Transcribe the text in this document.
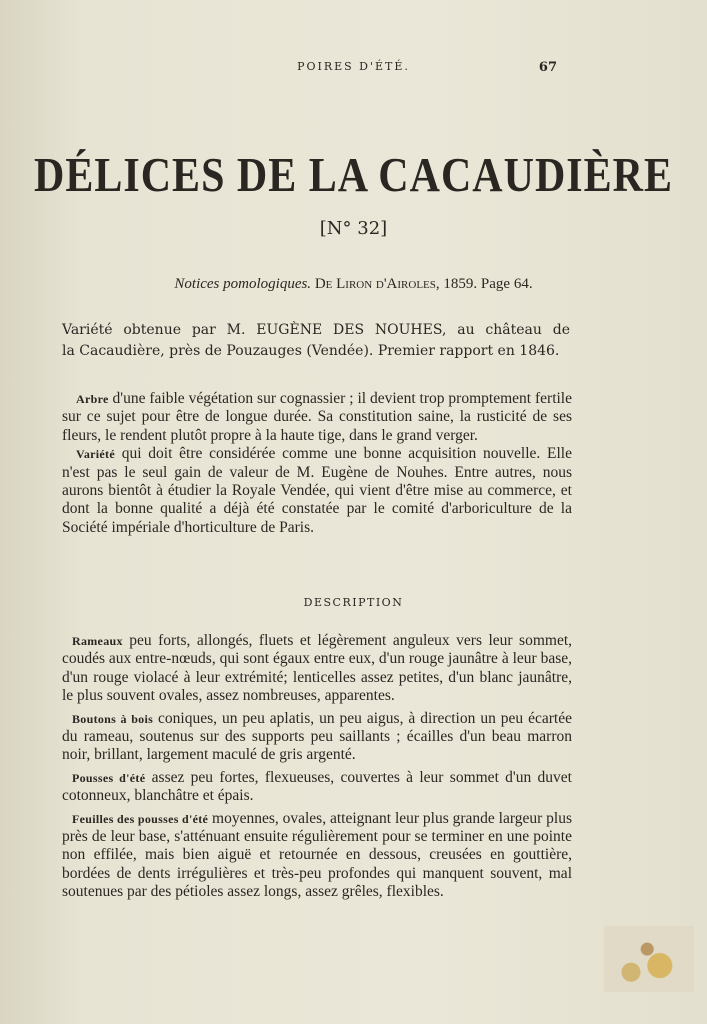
POIRES D'ÉTÉ.	67
DÉLICES DE LA CACAUDIÈRE
[N° 32]
Notices pomologiques. De Liron d'Airoles, 1859. Page 64.

Variété obtenue par M. EUGÈNE DES NOUHES, au château de

la Cacaudière, près de Pouzauges (Vendée). Premier rapport en 1846.

Arbre d'une faible végétation sur cognassier ; il devient trop promptement fertile sur ce sujet pour être de longue durée. Sa constitution saine, la rusticité de ses fleurs, le rendent plutôt propre à la haute tige, dans le grand verger.

Variété qui doit être considérée comme une bonne acquisition nouvelle. Elle n'est pas le seul gain de valeur de M. Eugène de Nouhes. Entre autres, nous aurons bientôt à étudier la Royale Vendée, qui vient d'être mise au commerce, et dont la bonne qualité a déjà été constatée par le comité d'arboriculture de la Société impériale d'horticulture de Paris.

DESCRIPTION

Rameaux peu forts, allongés, fluets et légèrement anguleux vers leur sommet, coudés aux entre-nœuds, qui sont égaux entre eux, d'un rouge jaunâtre à leur base, d'un rouge violacé à leur extrémité; lenticelles assez petites, d'un blanc jaunâtre, le plus souvent ovales, assez nombreuses, apparentes.

Boutons à bois coniques, un peu aplatis, un peu aigus, à direction un peu écartée du rameau, soutenus sur des supports peu saillants ; écailles d'un beau marron noir, brillant, largement maculé de gris argenté.

Pousses d'été assez peu fortes, flexueuses, couvertes à leur sommet d'un duvet cotonneux, blanchâtre et épais.

Feuilles des pousses d'été moyennes, ovales, atteignant leur plus grande largeur plus près de leur base, s'atténuant ensuite régulièrement pour se terminer en une pointe non effilée, mais bien aiguë et retournée en dessous, creusées en gouttière, bordées de dents irrégulières et très-peu profondes qui manquent souvent, mal soutenues par des pétioles assez longs, assez grêles, flexibles.
